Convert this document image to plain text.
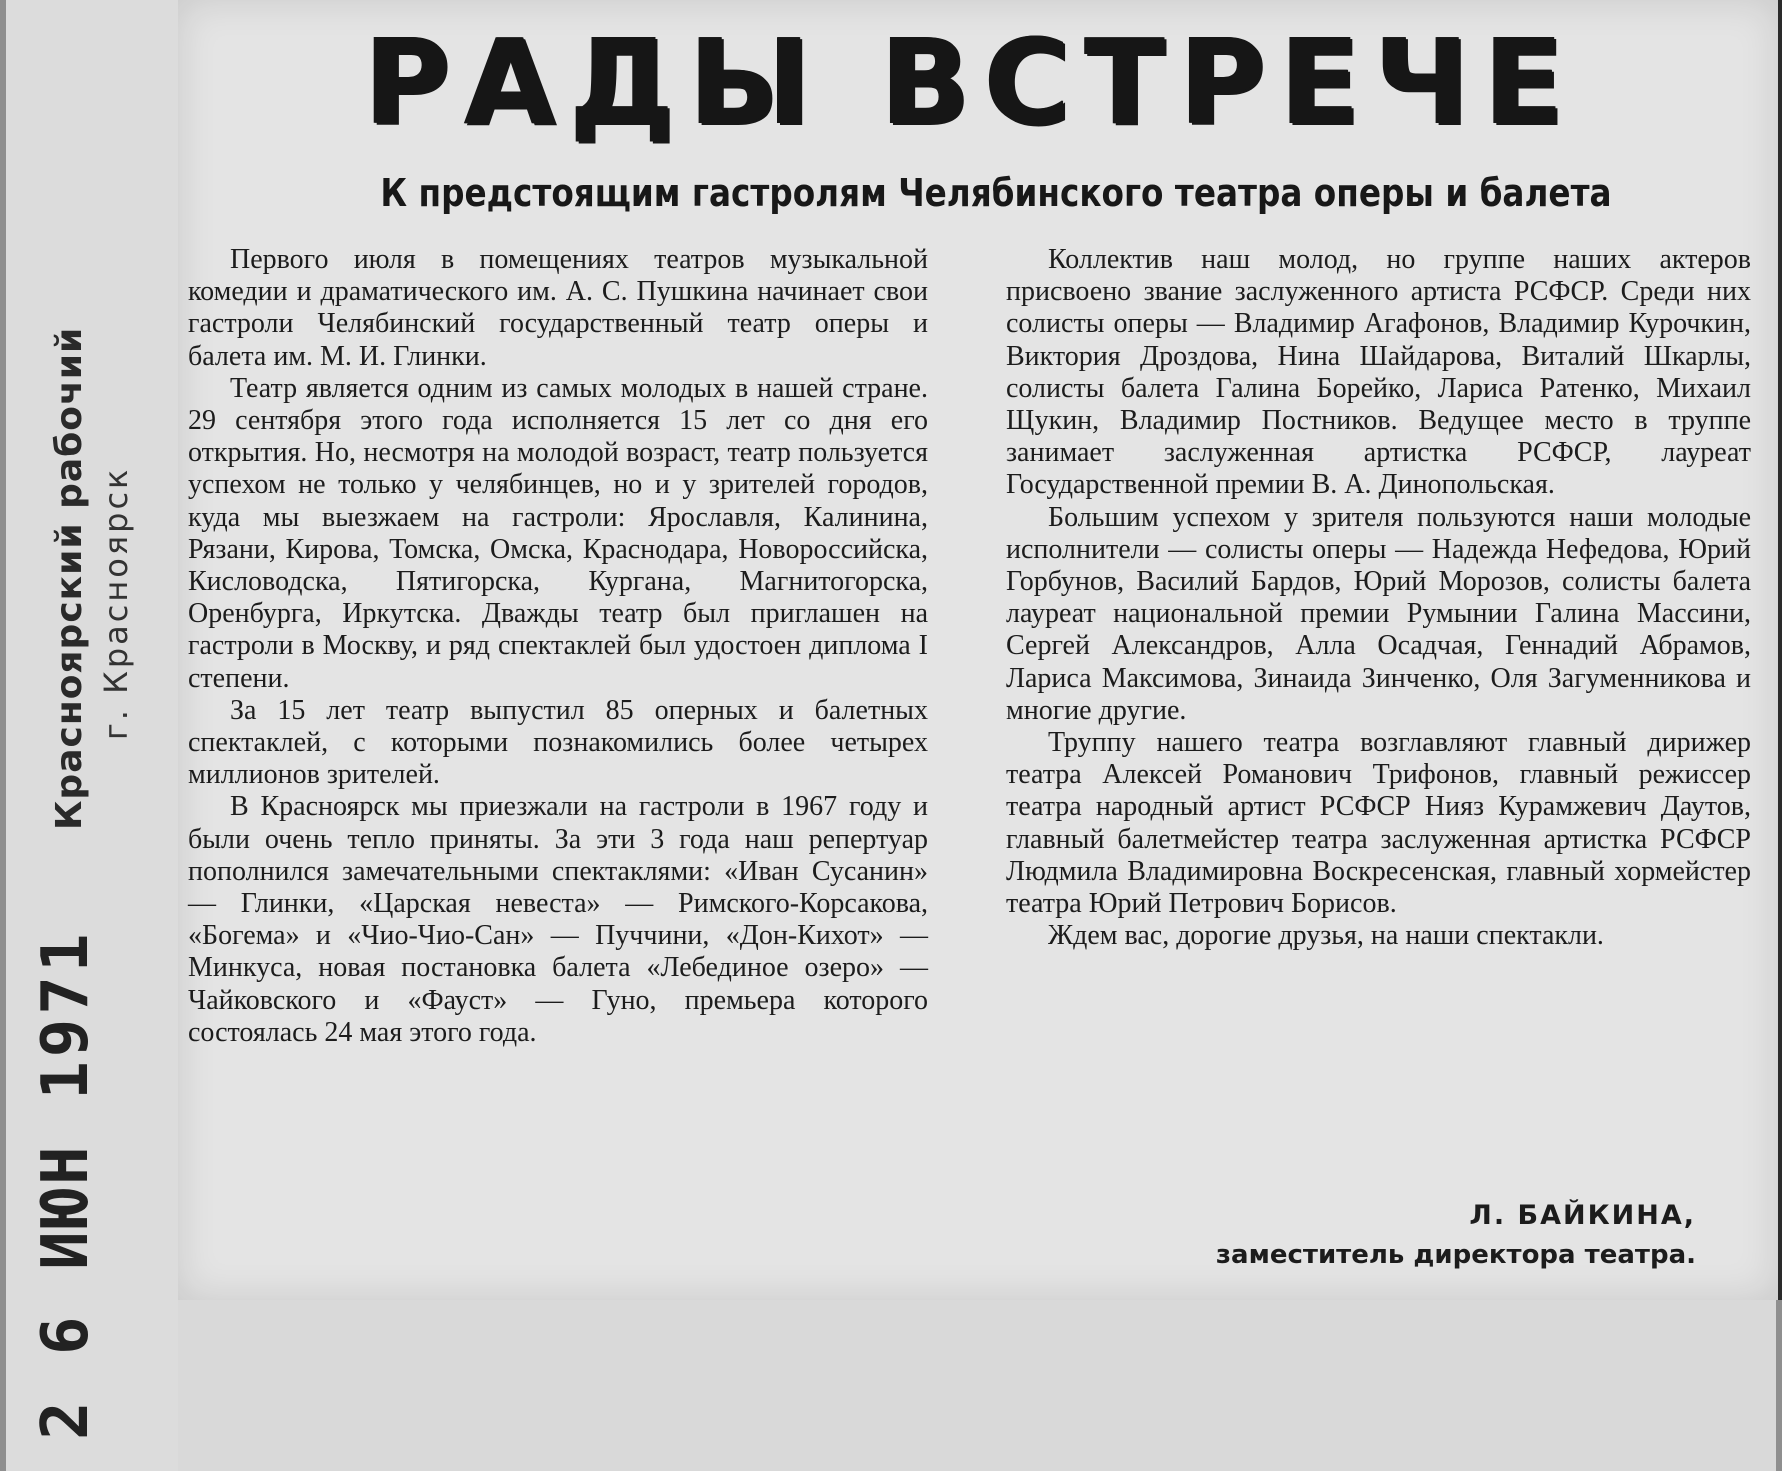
Красноярский рабочий г. Красноярск
2 6 ИЮН 1971
РАДЫ ВСТРЕЧЕ
К предстоящим гастролям Челябинского театра оперы и балета

Первого июля в помещениях театров музыкальной комедии и драматического им. А. С. Пушкина начинает свои гастроли Челябинский государственный театр оперы и балета им. М. И. Глинки.

Театр является одним из самых молодых в нашей стране. 29 сентября этого года исполняется 15 лет со дня его открытия. Но, несмотря на молодой возраст, театр пользуется успехом не только у челябинцев, но и у зрителей городов, куда мы выезжаем на гастроли: Ярославля, Калинина, Рязани, Кирова, Томска, Омска, Краснодара, Новороссийска, Кисловодска, Пятигорска, Кургана, Магнитогорска, Оренбурга, Иркутска. Дважды театр был приглашен на гастроли в Москву, и ряд спектаклей был удостоен диплома I степени.

За 15 лет театр выпустил 85 оперных и балетных спектаклей, с которыми познакомились более четырех миллионов зрителей.

В Красноярск мы приезжали на гастроли в 1967 году и были очень тепло приняты. За эти 3 года наш репертуар пополнился замечательными спектаклями: «Иван Сусанин» — Глинки, «Царская невеста» — Римского-Корсакова, «Богема» и «Чио-Чио-Сан» — Пуччини, «Дон-Кихот» — Минкуса, новая постановка балета «Лебединое озеро» — Чайковского и «Фауст» — Гуно, премьера которого состоялась 24 мая этого года.

Коллектив наш молод, но группе наших актеров присвоено звание заслуженного артиста РСФСР. Среди них солисты оперы — Владимир Агафонов, Владимир Курочкин, Виктория Дроздова, Нина Шайдарова, Виталий Шкарлы, солисты балета Галина Борейко, Лариса Ратенко, Михаил Щукин, Владимир Постников. Ведущее место в труппе занимает заслуженная артистка РСФСР, лауреат Государственной премии В. А. Динопольская.

Большим успехом у зрителя пользуются наши молодые исполнители — солисты оперы — Надежда Нефедова, Юрий Горбунов, Василий Бардов, Юрий Морозов, солисты балета лауреат национальной премии Румынии Галина Массини, Сергей Александров, Алла Осадчая, Геннадий Абрамов, Лариса Максимова, Зинаида Зинченко, Оля Загуменникова и многие другие.

Труппу нашего театра возглавляют главный дирижер театра Алексей Романович Трифонов, главный режиссер театра народный артист РСФСР Нияз Курамжевич Даутов, главный балетмейстер театра заслуженная артистка РСФСР Людмила Владимировна Воскресенская, главный хормейстер театра Юрий Петрович Борисов.

Ждем вас, дорогие друзья, на наши спектакли.

Л. БАЙКИНА,
заместитель директора театра.
